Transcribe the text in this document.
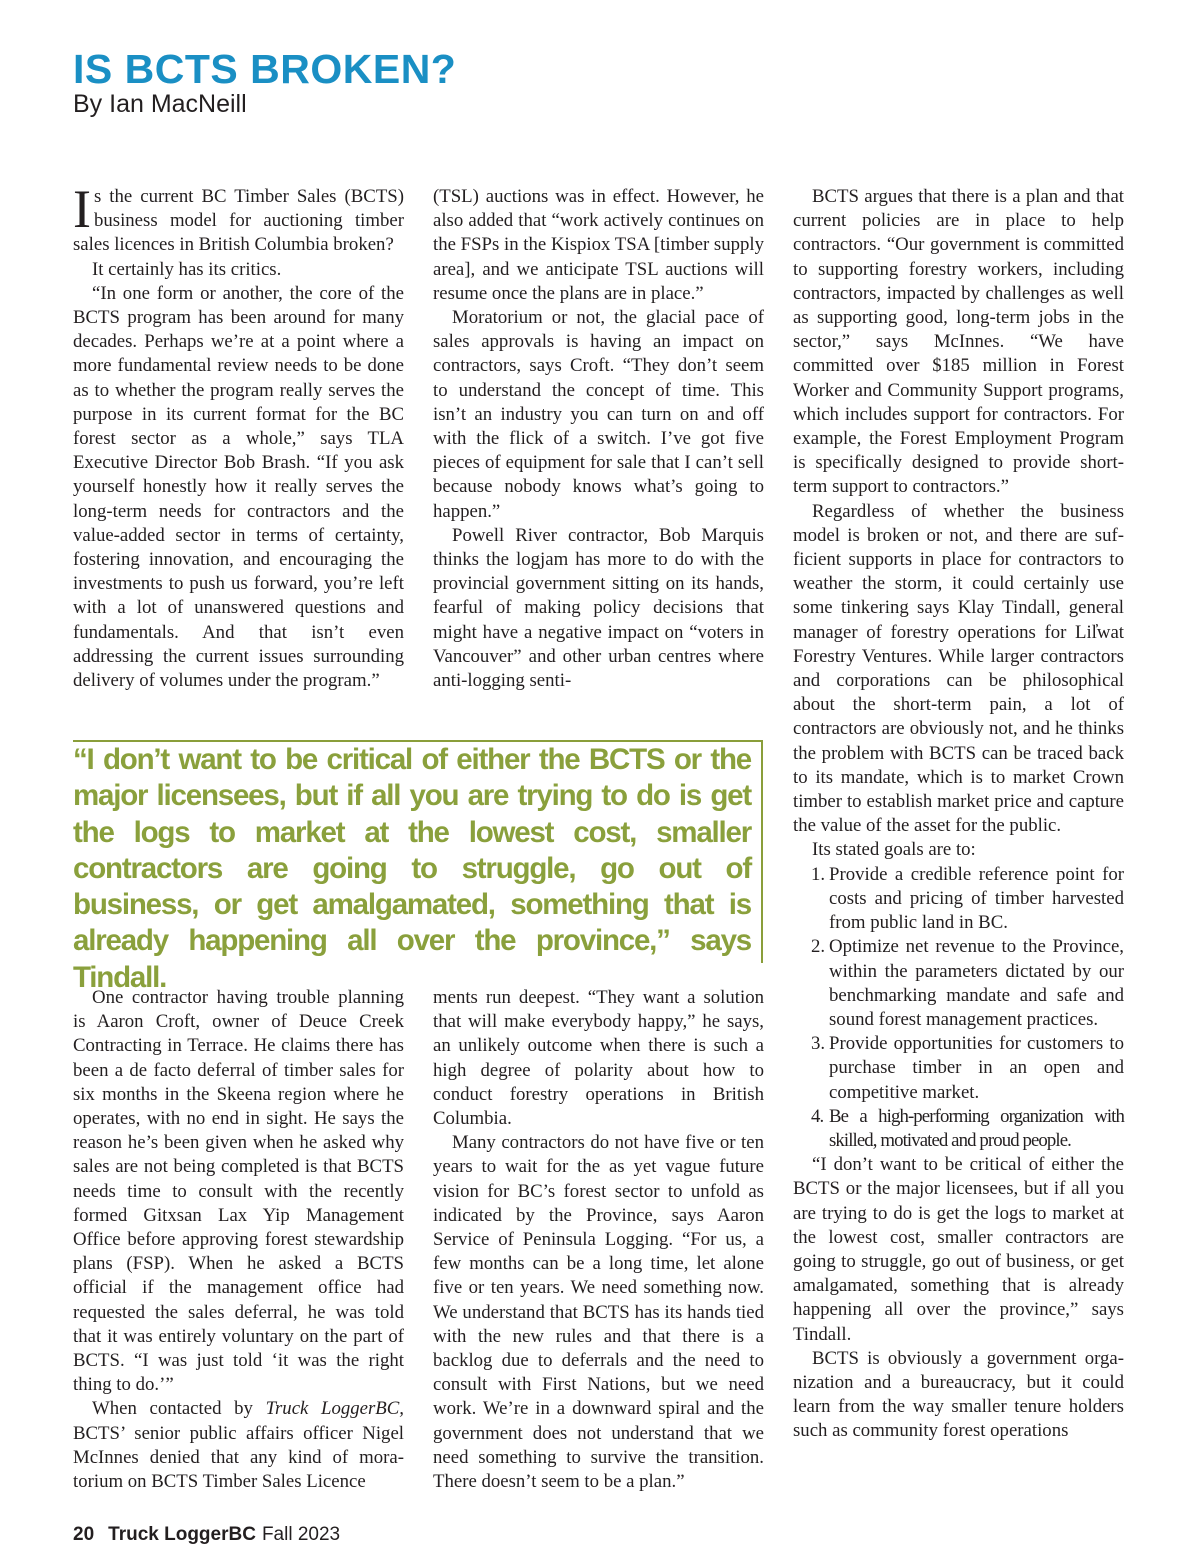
IS BCTS BROKEN?
By Ian MacNeill

Is the current BC Timber Sales (BCTS) business model for auctioning timber sales licences in British Columbia broken?

It certainly has its critics.

“In one form or another, the core of the BCTS program has been around for many decades. Perhaps we’re at a point where a more fundamental review needs to be done as to whether the program really serves the purpose in its current format for the BC forest sector as a whole,” says TLA Executive Director Bob Brash. “If you ask yourself honestly how it really serves the long-term needs for contractors and the value-added sector in terms of certainty, fostering innovation, and encouraging the investments to push us forward, you’re left with a lot of unanswered questions and fundamentals. And that isn’t even addressing the current issues surrounding delivery of volumes under the program.”

(TSL) auctions was in effect. However, he also added that “work actively continues on the FSPs in the Kispiox TSA [timber supply area], and we anticipate TSL auctions will resume once the plans are in place.”

Moratorium or not, the glacial pace of sales approvals is having an impact on contractors, says Croft. “They don’t seem to understand the concept of time. This isn’t an industry you can turn on and off with the flick of a switch. I’ve got five pieces of equipment for sale that I can’t sell because nobody knows what’s going to happen.”

Powell River contractor, Bob Marquis thinks the logjam has more to do with the provincial government sitting on its hands, fearful of making policy decisions that might have a negative impact on “voters in Vancouver” and other urban centres where anti-logging senti-

“I don’t want to be critical of either the BCTS or the major licensees, but if all you are trying to do is get the logs to market at the lowest cost, smaller contractors are going to struggle, go out of business, or get amalgamated, something that is already happening all over the province,” says Tindall.

One contractor having trouble planning is Aaron Croft, owner of Deuce Creek Contracting in Terrace. He claims there has been a de facto deferral of timber sales for six months in the Skeena region where he operates, with no end in sight. He says the reason he’s been given when he asked why sales are not being completed is that BCTS needs time to consult with the recently formed Gitxsan Lax Yip Management Office before approving forest stewardship plans (FSP). When he asked a BCTS official if the management office had requested the sales deferral, he was told that it was entirely voluntary on the part of BCTS. “I was just told ‘it was the right thing to do.’”

When contacted by Truck LoggerBC, BCTS’ senior public affairs officer Nigel McInnes denied that any kind of moratorium on BCTS Timber Sales Licence

ments run deepest. “They want a solution that will make everybody happy,” he says, an unlikely outcome when there is such a high degree of polarity about how to conduct forestry operations in British Columbia.

Many contractors do not have five or ten years to wait for the as yet vague future vision for BC’s forest sector to unfold as indicated by the Province, says Aaron Service of Peninsula Logging. “For us, a few months can be a long time, let alone five or ten years. We need something now. We understand that BCTS has its hands tied with the new rules and that there is a backlog due to deferrals and the need to consult with First Nations, but we need work. We’re in a downward spiral and the government does not understand that we need something to survive the transition. There doesn’t seem to be a plan.”

BCTS argues that there is a plan and that current policies are in place to help contractors. “Our government is committed to supporting forestry workers, including contractors, impacted by challenges as well as supporting good, long-term jobs in the sector,” says McInnes. “We have committed over $185 million in Forest Worker and Community Support programs, which includes support for contractors. For example, the Forest Employment Program is specifically designed to provide short-term support to contractors.”

Regardless of whether the business model is broken or not, and there are sufficient supports in place for contractors to weather the storm, it could certainly use some tinkering says Klay Tindall, general manager of forestry operations for Lil̓wat Forestry Ventures. While larger contractors and corporations can be philosophical about the short-term pain, a lot of contractors are obviously not, and he thinks the problem with BCTS can be traced back to its mandate, which is to market Crown timber to establish market price and capture the value of the asset for the public.

Its stated goals are to:

1. Provide a credible reference point for costs and pricing of timber harvested from public land in BC.
2. Optimize net revenue to the Province, within the parameters dictated by our benchmarking mandate and safe and sound forest management practices.
3. Provide opportunities for customers to purchase timber in an open and competitive market.
4. Be a high-performing organization with skilled, motivated and proud people.

“I don’t want to be critical of either the BCTS or the major licensees, but if all you are trying to do is get the logs to market at the lowest cost, smaller contractors are going to struggle, go out of business, or get amalgamated, something that is already happening all over the province,” says Tindall.

BCTS is obviously a government organization and a bureaucracy, but it could learn from the way smaller tenure holders such as community forest operations

20 Truck LoggerBC Fall 2023
